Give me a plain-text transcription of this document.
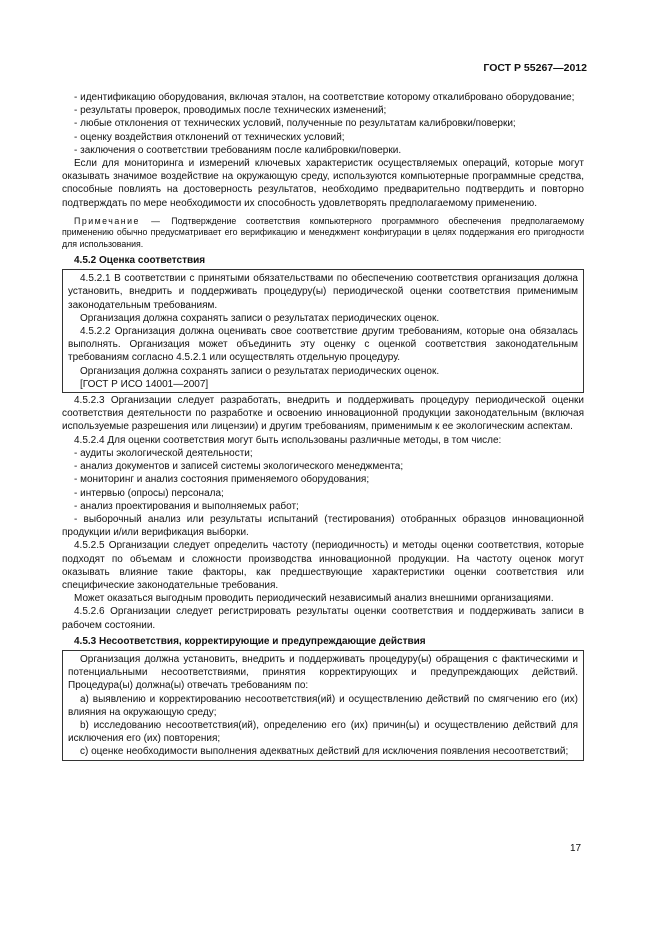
ГОСТ Р 55267—2012

- идентификацию оборудования, включая эталон, на соответствие которому откалибровано оборудование;

- результаты проверок, проводимых после технических изменений;

- любые отклонения от технических условий, полученные по результатам калибровки/поверки;

- оценку воздействия отклонений от технических условий;

- заключения о соответствии требованиям после калибровки/поверки.

Если для мониторинга и измерений ключевых характеристик осуществляемых операций, которые могут оказывать значимое воздействие на окружающую среду, используются компьютерные программные средства, способные повлиять на достоверность результатов, необходимо предварительно подтвердить и повторно подтверждать по мере необходимости их способность удовлетворять предполагаемому применению.

Примечание — Подтверждение соответствия компьютерного программного обеспечения предполагаемому применению обычно предусматривает его верификацию и менеджмент конфигурации в целях поддержания его пригодности для использования.

4.5.2 Оценка соответствия

4.5.2.1 В соответствии с принятыми обязательствами по обеспечению соответствия организация должна установить, внедрить и поддерживать процедуру(ы) периодической оценки соответствия применимым законодательным требованиям.

Организация должна сохранять записи о результатах периодических оценок.

4.5.2.2 Организация должна оценивать свое соответствие другим требованиям, которые она обязалась выполнять. Организация может объединить эту оценку с оценкой соответствия законодательным требованиям согласно 4.5.2.1 или осуществлять отдельную процедуру.

Организация должна сохранять записи о результатах периодических оценок.

[ГОСТ Р ИСО 14001—2007]

4.5.2.3 Организации следует разработать, внедрить и поддерживать процедуру периодической оценки соответствия деятельности по разработке и освоению инновационной продукции законодательным (включая используемые разрешения или лицензии) и другим требованиям, применимым к ее экологическим аспектам.

4.5.2.4 Для оценки соответствия могут быть использованы различные методы, в том числе:

- аудиты экологической деятельности;

- анализ документов и записей системы экологического менеджмента;

- мониторинг и анализ состояния применяемого оборудования;

- интервью (опросы) персонала;

- анализ проектирования и выполняемых работ;

- выборочный анализ или результаты испытаний (тестирования) отобранных образцов инновационной продукции и/или верификация выборки.

4.5.2.5 Организации следует определить частоту (периодичность) и методы оценки соответствия, которые подходят по объемам и сложности производства инновационной продукции. На частоту оценок могут оказывать влияние такие факторы, как предшествующие характеристики оценки соответствия или специфические законодательные требования.

Может оказаться выгодным проводить периодический независимый анализ внешними организациями.

4.5.2.6 Организации следует регистрировать результаты оценки соответствия и поддерживать записи в рабочем состоянии.

4.5.3 Несоответствия, корректирующие и предупреждающие действия

Организация должна установить, внедрить и поддерживать процедуру(ы) обращения с фактическими и потенциальными несоответствиями, принятия корректирующих и предупреждающих действий. Процедура(ы) должна(ы) отвечать требованиям по:

a) выявлению и корректированию несоответствия(ий) и осуществлению действий по смягчению его (их) влияния на окружающую среду;

b) исследованию несоответствия(ий), определению его (их) причин(ы) и осуществлению действий для исключения его (их) повторения;

c) оценке необходимости выполнения адекватных действий для исключения появления несоответствий;

17
